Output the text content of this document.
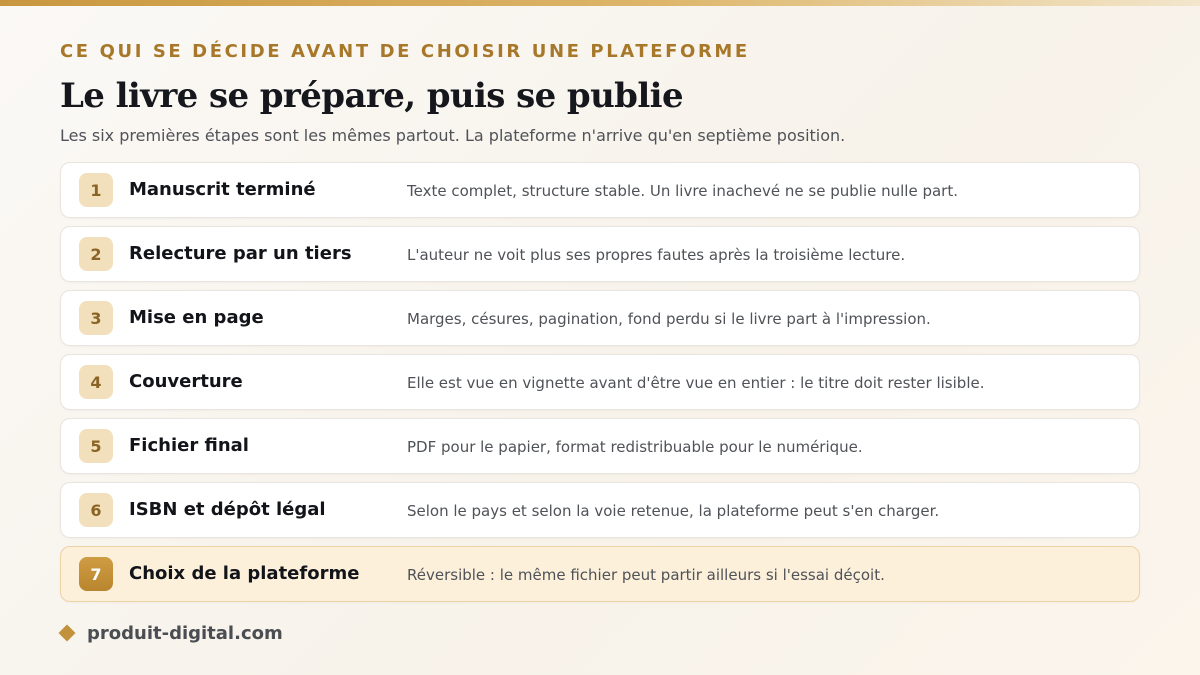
CE QUI SE DÉCIDE AVANT DE CHOISIR UNE PLATEFORME
Le livre se prépare, puis se publie

Les six premières étapes sont les mêmes partout. La plateforme n'arrive qu'en septième position.

1	Manuscrit terminé	Texte complet, structure stable. Un livre inachevé ne se publie nulle part.
2	Relecture par un tiers	L'auteur ne voit plus ses propres fautes après la troisième lecture.
3	Mise en page	Marges, césures, pagination, fond perdu si le livre part à l'impression.
4	Couverture	Elle est vue en vignette avant d'être vue en entier : le titre doit rester lisible.
5	Fichier final	PDF pour le papier, format redistribuable pour le numérique.
6	ISBN et dépôt légal	Selon le pays et selon la voie retenue, la plateforme peut s'en charger.
7	Choix de la plateforme	Réversible : le même fichier peut partir ailleurs si l'essai déçoit.
produit-digital.com
